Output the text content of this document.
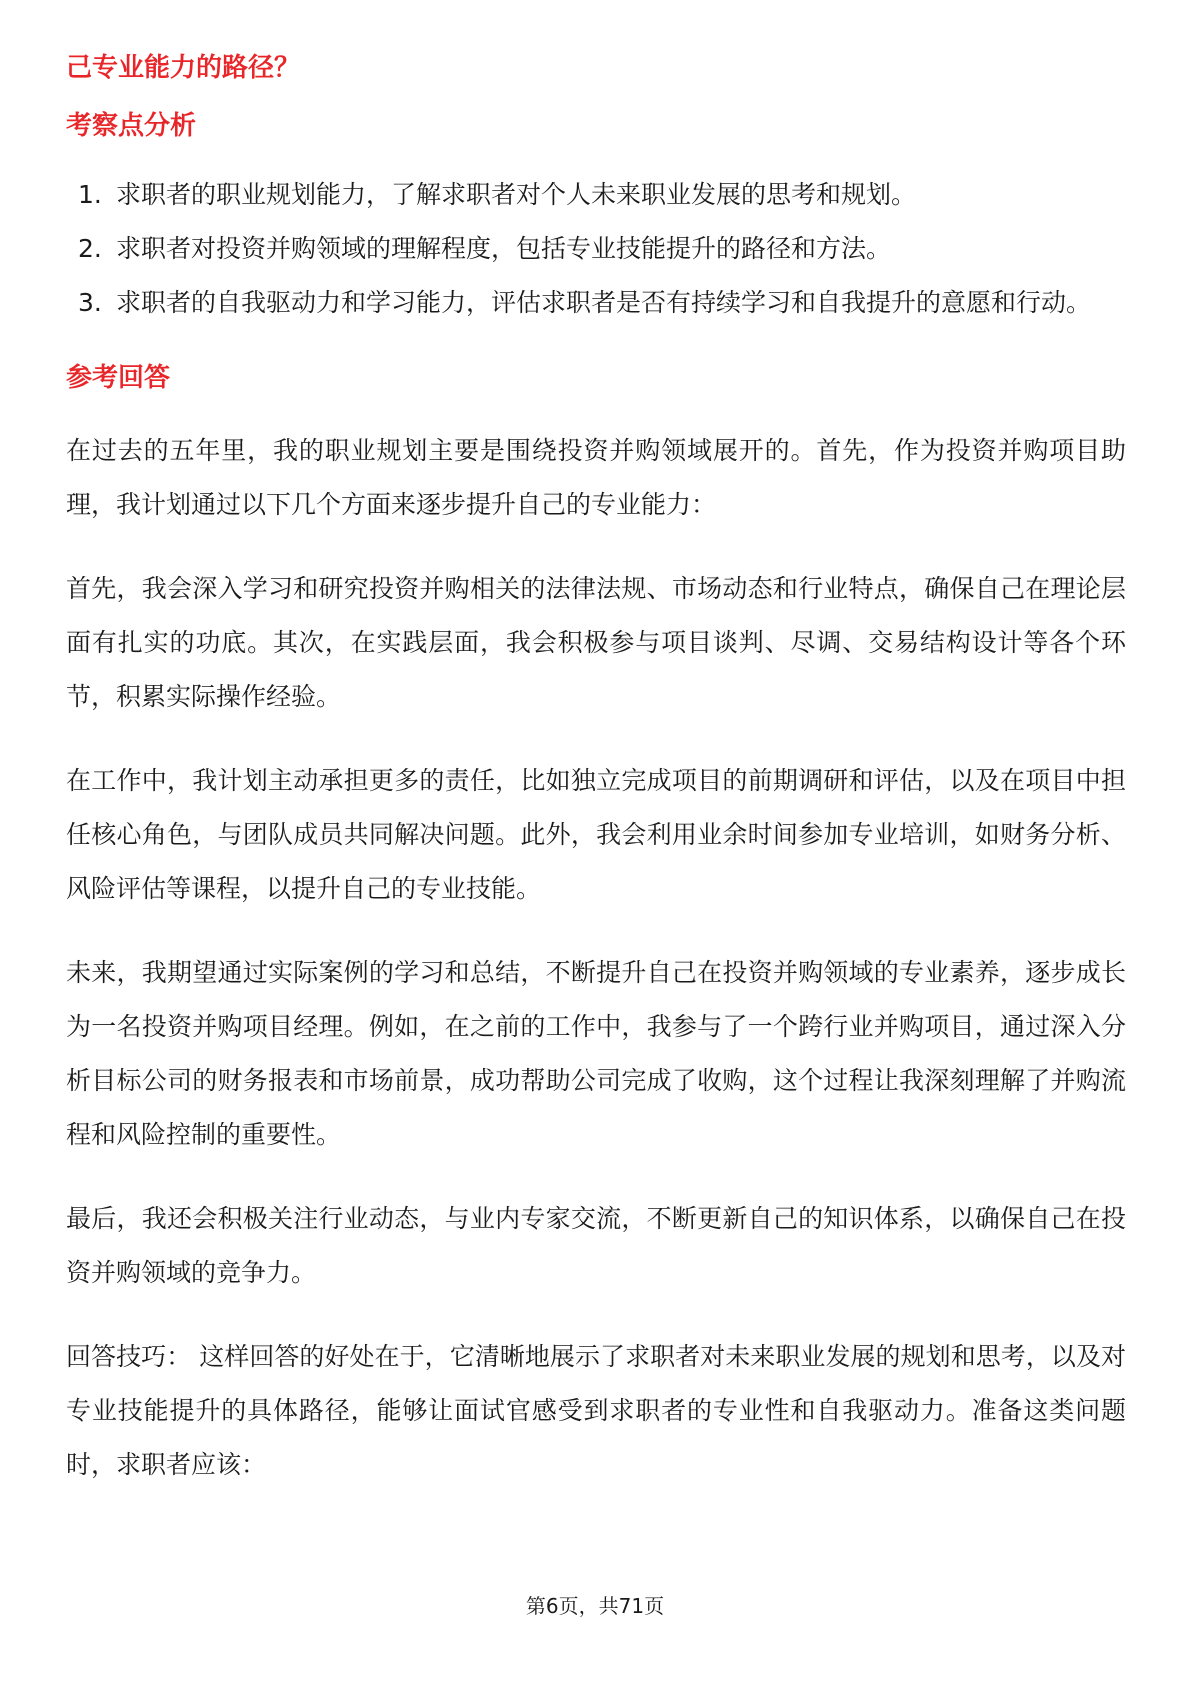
己专业能力的路径？
考察点分析
1. 求职者的职业规划能力，了解求职者对个人未来职业发展的思考和规划。
2. 求职者对投资并购领域的理解程度，包括专业技能提升的路径和方法。
3. 求职者的自我驱动力和学习能力，评估求职者是否有持续学习和自我提升的意愿和行动。
参考回答

在过去的五年里，我的职业规划主要是围绕投资并购领域展开的。首先，作为投资并购项目助理，我计划通过以下几个方面来逐步提升自己的专业能力：

首先，我会深入学习和研究投资并购相关的法律法规、市场动态和行业特点，确保自己在理论层面有扎实的功底。其次，在实践层面，我会积极参与项目谈判、尽调、交易结构设计等各个环节，积累实际操作经验。

在工作中，我计划主动承担更多的责任，比如独立完成项目的前期调研和评估，以及在项目中担任核心角色，与团队成员共同解决问题。此外，我会利用业余时间参加专业培训，如财务分析、风险评估等课程，以提升自己的专业技能。

未来，我期望通过实际案例的学习和总结，不断提升自己在投资并购领域的专业素养，逐步成长为一名投资并购项目经理。例如，在之前的工作中，我参与了一个跨行业并购项目，通过深入分析目标公司的财务报表和市场前景，成功帮助公司完成了收购，这个过程让我深刻理解了并购流程和风险控制的重要性。

最后，我还会积极关注行业动态，与业内专家交流，不断更新自己的知识体系，以确保自己在投资并购领域的竞争力。

回答技巧： 这样回答的好处在于，它清晰地展示了求职者对未来职业发展的规划和思考，以及对专业技能提升的具体路径，能够让面试官感受到求职者的专业性和自我驱动力。准备这类问题时，求职者应该：

第6页，共71页
